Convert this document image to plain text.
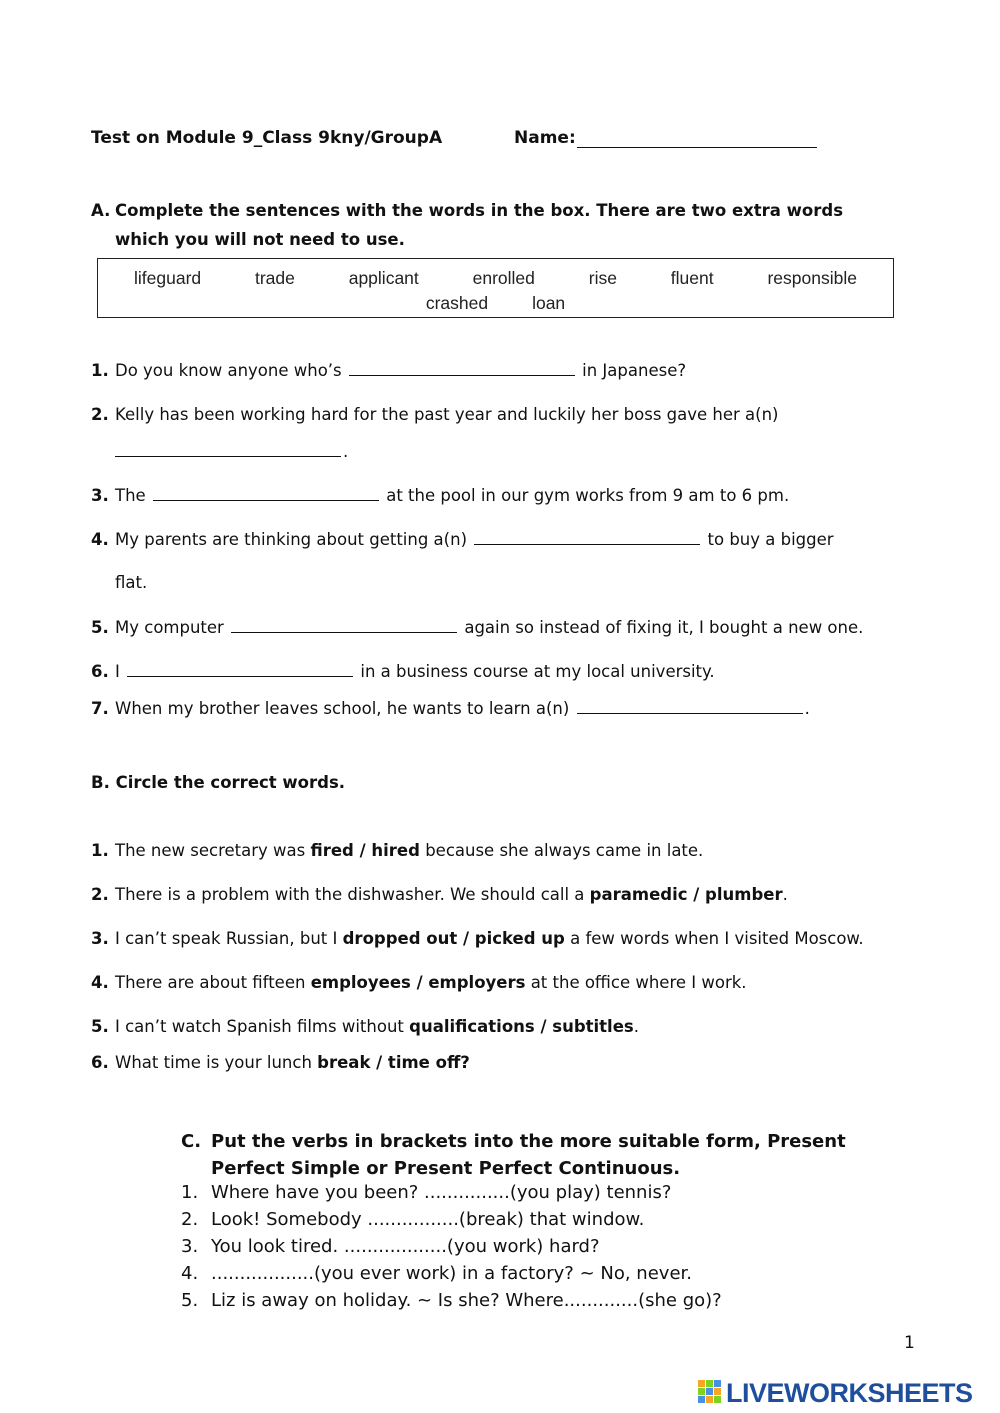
Test on Module 9_Class 9kny/GroupA	Name:
A. Complete the sentences with the words in the box. There are two extra words which you will not need to use.
lifeguard	trade	applicant	enrolled	rise	fluent	responsible
crashed	loan
1. Do you know anyone who’s	in Japanese?
2. Kelly has been working hard for the past year and luckily her boss gave her a(n)
.
3. The	at the pool in our gym works from 9 am to 6 pm.
4. My parents are thinking about getting a(n)	to buy a bigger
flat.
5. My computer	again so instead of fixing it, I bought a new one.
6. I	in a business course at my local university.
7. When my brother leaves school, he wants to learn a(n)	.
B. Circle the correct words.
1. The new secretary was fired / hired because she always came in late.
2. There is a problem with the dishwasher. We should call a paramedic / plumber.
3. I can’t speak Russian, but I dropped out / picked up a few words when I visited Moscow.
4. There are about fifteen employees / employers at the office where I work.
5. I can’t watch Spanish films without qualifications / subtitles.
6. What time is your lunch break / time off?
C. Put the verbs in brackets into the more suitable form, Present Perfect Simple or Present Perfect Continuous.
1. Where have you been? ...............(you play) tennis?
2. Look! Somebody ................(break) that window.
3. You look tired. ..................(you work) hard?
4. ..................(you ever work) in a factory? ~ No, never.
5. Liz is away on holiday. ~ Is she? Where.............(she go)?
1
LIVEWORKSHEETS
